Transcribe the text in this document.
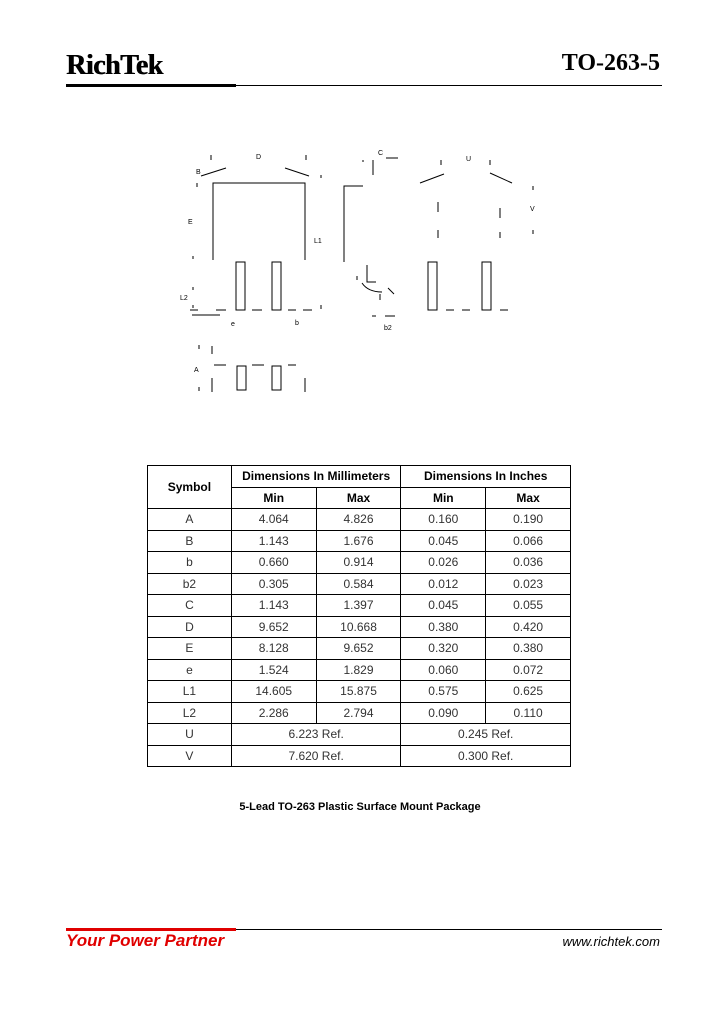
RichTek	TO-263-5
B
D
E
L1
L2
C
U
V
e	b
b2
A
Symbol	Dimensions In Millimeters		Dimensions In Inches	
	Min	Max	Min	Max
A	4.064	4.826	0.160	0.190
B	1.143	1.676	0.045	0.066
b	0.660	0.914	0.026	0.036
b2	0.305	0.584	0.012	0.023
C	1.143	1.397	0.045	0.055
D	9.652	10.668	0.380	0.420
E	8.128	9.652	0.320	0.380
e	1.524	1.829	0.060	0.072
L1	14.605	15.875	0.575	0.625
L2	2.286	2.794	0.090	0.110
U	6.223 Ref.		0.245 Ref.	
V	7.620 Ref.		0.300 Ref.	
5-Lead TO-263 Plastic Surface Mount Package
Your Power Partner	www.richtek.com
